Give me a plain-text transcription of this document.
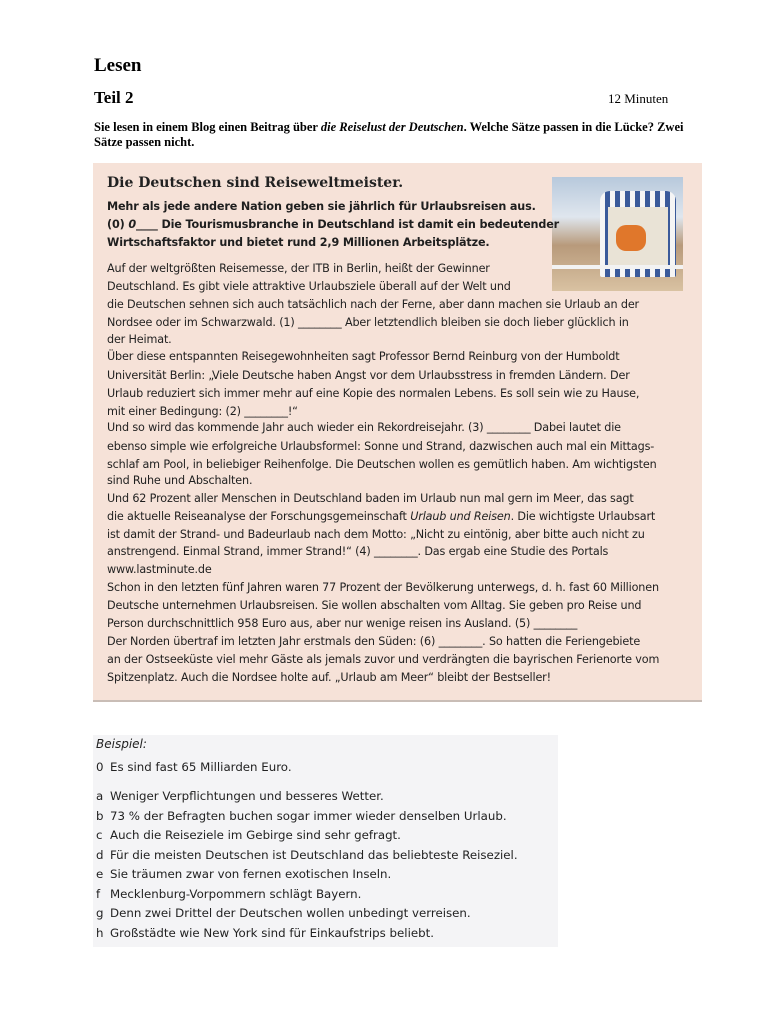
Lesen
Teil 2	12 Minuten
Sie lesen in einem Blog einen Beitrag über die Reiselust der Deutschen. Welche Sätze passen in die Lücke? Zwei Sätze passen nicht.
Die Deutschen sind Reiseweltmeister.
Mehr als jede andere Nation geben sie jährlich für Urlaubsreisen aus.
(0) 0____ Die Tourismusbranche in Deutschland ist damit ein bedeutender
Wirtschaftsfaktor und bietet rund 2,9 Millionen Arbeitsplätze.
Auf der weltgrößten Reisemesse, der ITB in Berlin, heißt der Gewinner
Deutschland. Es gibt viele attraktive Urlaubsziele überall auf der Welt und
die Deutschen sehnen sich auch tatsächlich nach der Ferne, aber dann machen sie Urlaub an der
Nordsee oder im Schwarzwald. (1) ________ Aber letztendlich bleiben sie doch lieber glücklich in
der Heimat.
Über diese entspannten Reisegewohnheiten sagt Professor Bernd Reinburg von der Humboldt
Universität Berlin: „Viele Deutsche haben Angst vor dem Urlaubsstress in fremden Ländern. Der
Urlaub reduziert sich immer mehr auf eine Kopie des normalen Lebens. Es soll sein wie zu Hause,
mit einer Bedingung: (2) ________!“
Und so wird das kommende Jahr auch wieder ein Rekordreisejahr. (3) ________ Dabei lautet die
ebenso simple wie erfolgreiche Urlaubsformel: Sonne und Strand, dazwischen auch mal ein Mittags-
schlaf am Pool, in beliebiger Reihenfolge. Die Deutschen wollen es gemütlich haben. Am wichtigsten
sind Ruhe und Abschalten.
Und 62 Prozent aller Menschen in Deutschland baden im Urlaub nun mal gern im Meer, das sagt
die aktuelle Reiseanalyse der Forschungsgemeinschaft Urlaub und Reisen. Die wichtigste Urlaubsart
ist damit der Strand- und Badeurlaub nach dem Motto: „Nicht zu eintönig, aber bitte auch nicht zu
anstrengend. Einmal Strand, immer Strand!“ (4) ________. Das ergab eine Studie des Portals
www.lastminute.de
Schon in den letzten fünf Jahren waren 77 Prozent der Bevölkerung unterwegs, d. h. fast 60 Millionen
Deutsche unternehmen Urlaubsreisen. Sie wollen abschalten vom Alltag. Sie geben pro Reise und
Person durchschnittlich 958 Euro aus, aber nur wenige reisen ins Ausland. (5) ________
Der Norden übertraf im letzten Jahr erstmals den Süden: (6) ________. So hatten die Feriengebiete
an der Ostseeküste viel mehr Gäste als jemals zuvor und verdrängten die bayrischen Ferienorte vom
Spitzenplatz. Auch die Nordsee holte auf. „Urlaub am Meer“ bleibt der Bestseller!
Beispiel:
0 Es sind fast 65 Milliarden Euro.
a Weniger Verpflichtungen und besseres Wetter.
b 73 % der Befragten buchen sogar immer wieder denselben Urlaub.
c Auch die Reiseziele im Gebirge sind sehr gefragt.
d Für die meisten Deutschen ist Deutschland das beliebteste Reiseziel.
e Sie träumen zwar von fernen exotischen Inseln.
f Mecklenburg-Vorpommern schlägt Bayern.
g Denn zwei Drittel der Deutschen wollen unbedingt verreisen.
h Großstädte wie New York sind für Einkaufstrips beliebt.
